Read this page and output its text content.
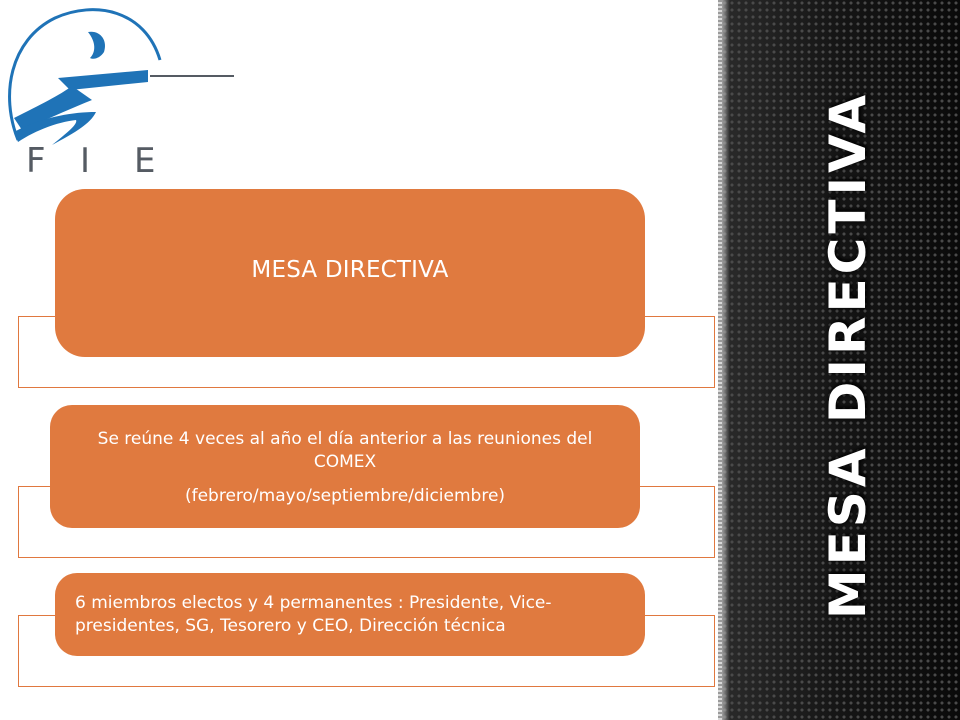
F I E
MESA DIRECTIVA
Se reúne 4 veces al año el día anterior a las reuniones del COMEX
(febrero/mayo/septiembre/diciembre)
6 miembros electos y 4 permanentes : Presidente, Vice-presidentes, SG, Tesorero y CEO, Dirección técnica
MESA DIRECTIVA
